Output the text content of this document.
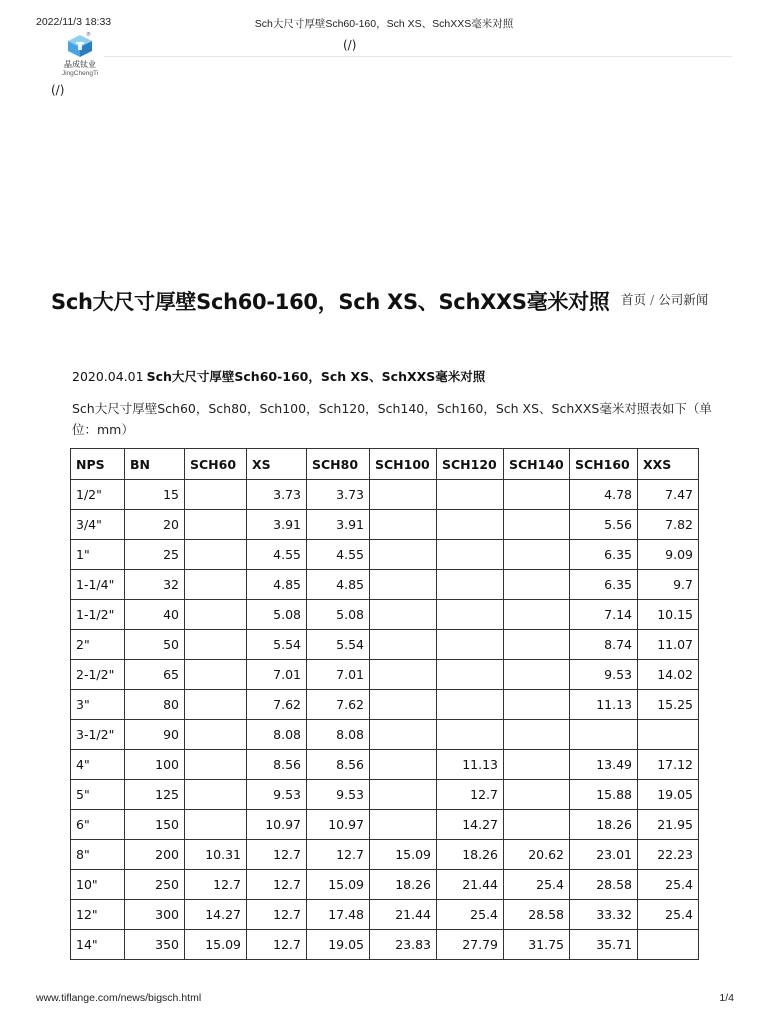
2022/11/3 18:33	Sch大尺寸厚壁Sch60-160，Sch XS、SchXXS毫米对照
®
晶成钛业
JingChengTi
(/)
(/)
Sch大尺寸厚壁Sch60-160，Sch XS、SchXXS毫米对照 首页 / 公司新闻
2020.04.01 Sch大尺寸厚壁Sch60-160，Sch XS、SchXXS毫米对照
Sch大尺寸厚壁Sch60，Sch80，Sch100，Sch120，Sch140，Sch160，Sch XS、SchXXS毫米对照表如下（单位：mm）
NPS	BN	SCH60	XS	SCH80	SCH100	SCH120	SCH140	SCH160	XXS
1/2"	15		3.73	3.73				4.78	7.47
3/4"	20		3.91	3.91				5.56	7.82
1"	25		4.55	4.55				6.35	9.09
1-1/4"	32		4.85	4.85				6.35	9.7
1-1/2"	40		5.08	5.08				7.14	10.15
2"	50		5.54	5.54				8.74	11.07
2-1/2"	65		7.01	7.01				9.53	14.02
3"	80		7.62	7.62				11.13	15.25
3-1/2"	90		8.08	8.08					
4"	100		8.56	8.56		11.13		13.49	17.12
5"	125		9.53	9.53		12.7		15.88	19.05
6"	150		10.97	10.97		14.27		18.26	21.95
8"	200	10.31	12.7	12.7	15.09	18.26	20.62	23.01	22.23
10"	250	12.7	12.7	15.09	18.26	21.44	25.4	28.58	25.4
12"	300	14.27	12.7	17.48	21.44	25.4	28.58	33.32	25.4
14"	350	15.09	12.7	19.05	23.83	27.79	31.75	35.71	
www.tiflange.com/news/bigsch.html	1/4
